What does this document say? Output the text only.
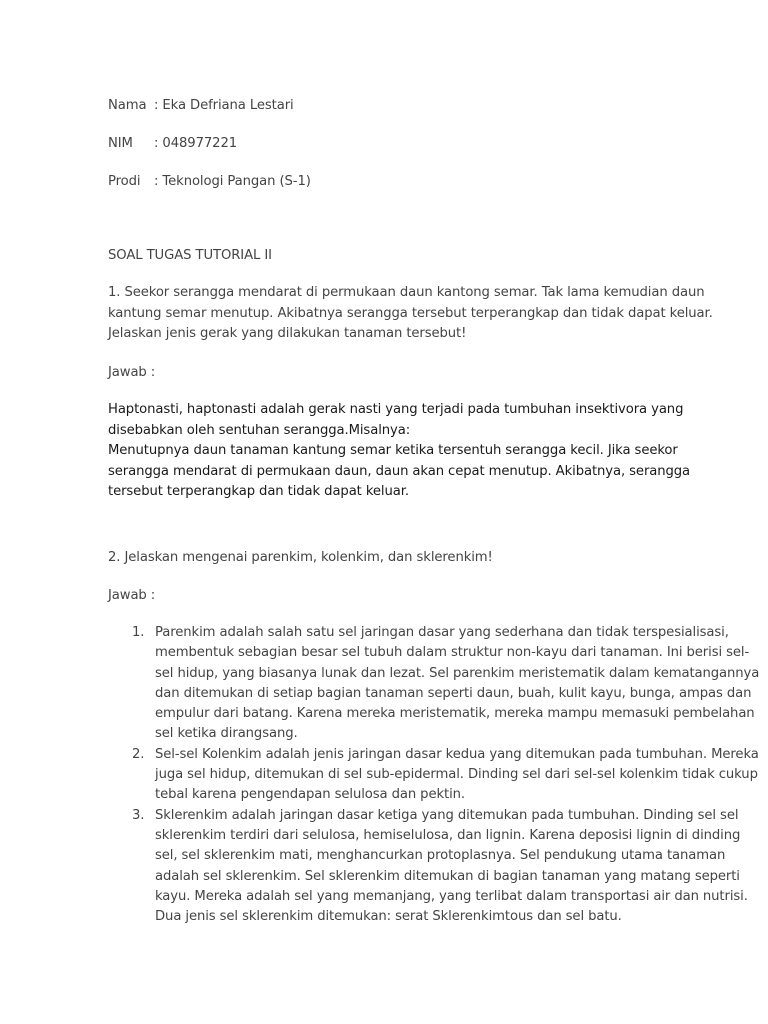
Nama : Eka Defriana Lestari
NIM : 048977221
Prodi : Teknologi Pangan (S-1)
SOAL TUGAS TUTORIAL II
1. Seekor serangga mendarat di permukaan daun kantong semar. Tak lama kemudian daun
kantung semar menutup. Akibatnya serangga tersebut terperangkap dan tidak dapat keluar.
Jelaskan jenis gerak yang dilakukan tanaman tersebut!
Jawab :
Haptonasti, haptonasti adalah gerak nasti yang terjadi pada tumbuhan insektivora yang
disebabkan oleh sentuhan serangga.Misalnya:
Menutupnya daun tanaman kantung semar ketika tersentuh serangga kecil. Jika seekor
serangga mendarat di permukaan daun, daun akan cepat menutup. Akibatnya, serangga
tersebut terperangkap dan tidak dapat keluar.
2. Jelaskan mengenai parenkim, kolenkim, dan sklerenkim!
Jawab :
1. Parenkim adalah salah satu sel jaringan dasar yang sederhana dan tidak terspesialisasi,
membentuk sebagian besar sel tubuh dalam struktur non-kayu dari tanaman. Ini berisi sel-
sel hidup, yang biasanya lunak dan lezat. Sel parenkim meristematik dalam kematangannya
dan ditemukan di setiap bagian tanaman seperti daun, buah, kulit kayu, bunga, ampas dan
empulur dari batang. Karena mereka meristematik, mereka mampu memasuki pembelahan
sel ketika dirangsang.
2. Sel-sel Kolenkim adalah jenis jaringan dasar kedua yang ditemukan pada tumbuhan. Mereka
juga sel hidup, ditemukan di sel sub-epidermal. Dinding sel dari sel-sel kolenkim tidak cukup
tebal karena pengendapan selulosa dan pektin.
3. Sklerenkim adalah jaringan dasar ketiga yang ditemukan pada tumbuhan. Dinding sel sel
sklerenkim terdiri dari selulosa, hemiselulosa, dan lignin. Karena deposisi lignin di dinding
sel, sel sklerenkim mati, menghancurkan protoplasnya. Sel pendukung utama tanaman
adalah sel sklerenkim. Sel sklerenkim ditemukan di bagian tanaman yang matang seperti
kayu. Mereka adalah sel yang memanjang, yang terlibat dalam transportasi air dan nutrisi.
Dua jenis sel sklerenkim ditemukan: serat Sklerenkimtous dan sel batu.
